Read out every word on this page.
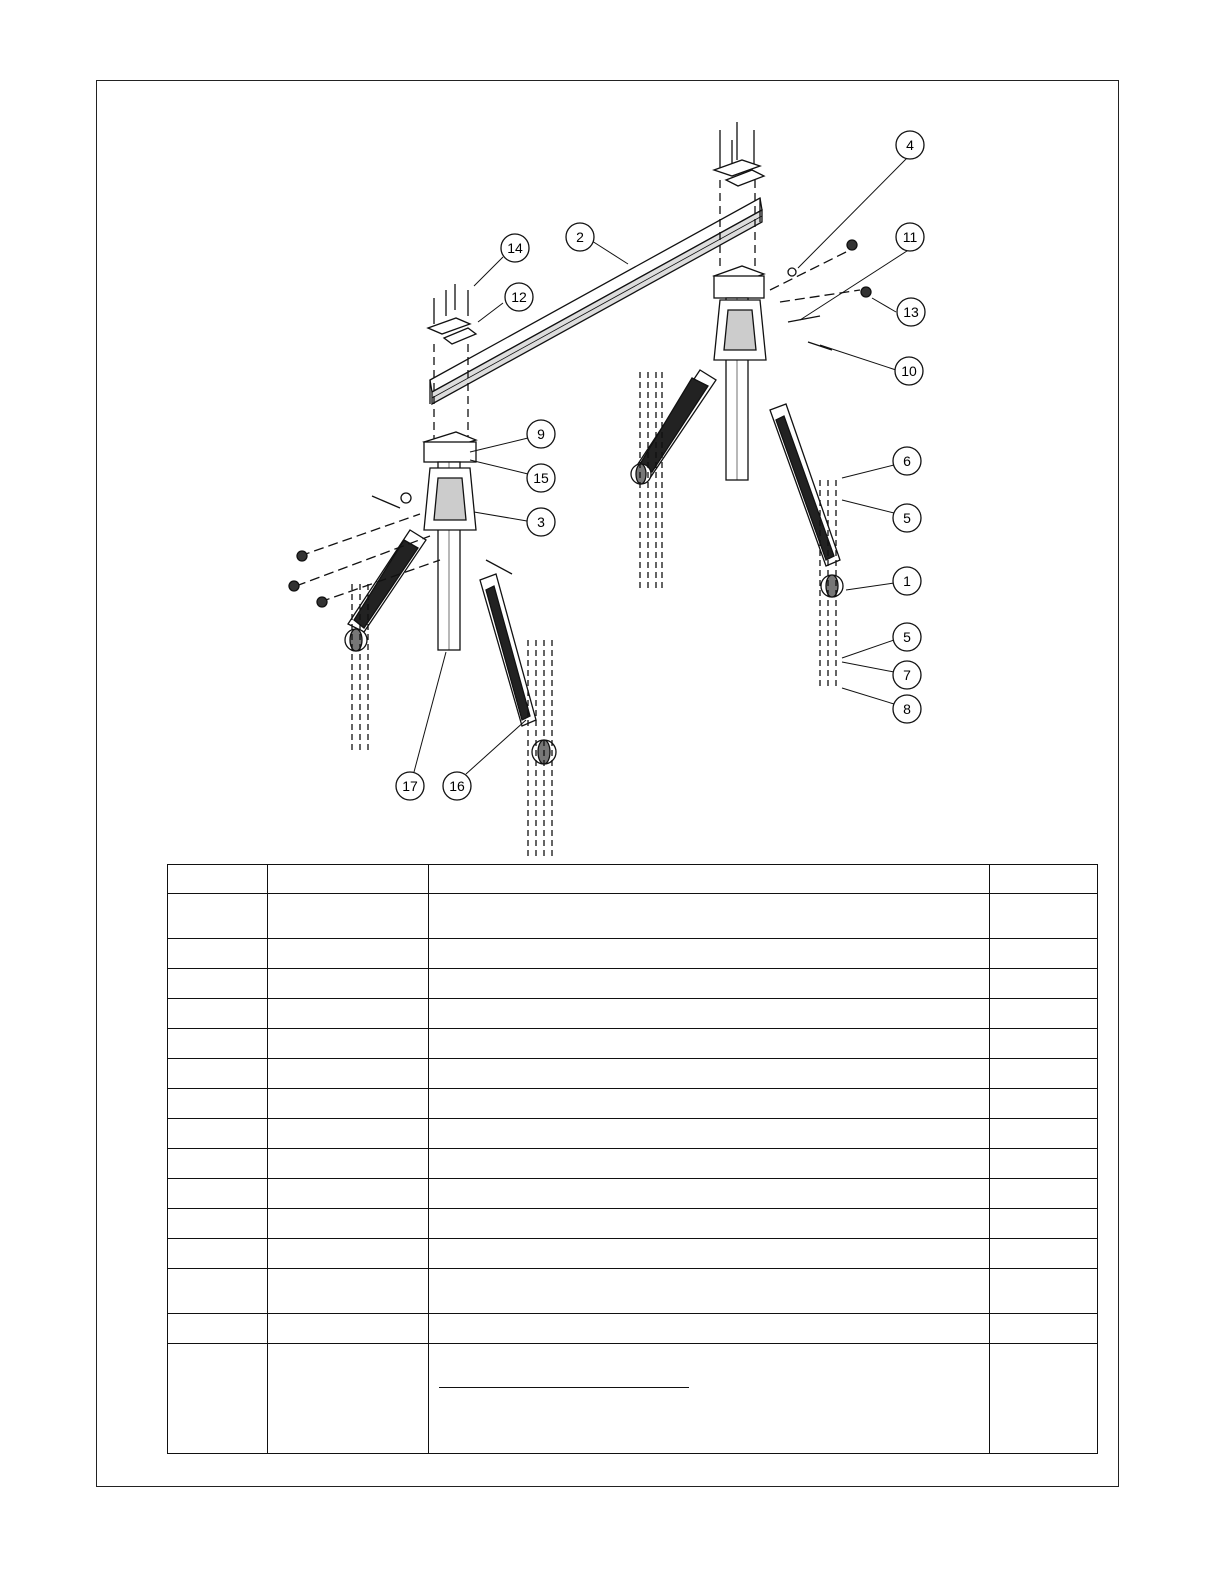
4
2	11
14
12
13
10
9
15
3
6
5
1
5
7
8
17 16
